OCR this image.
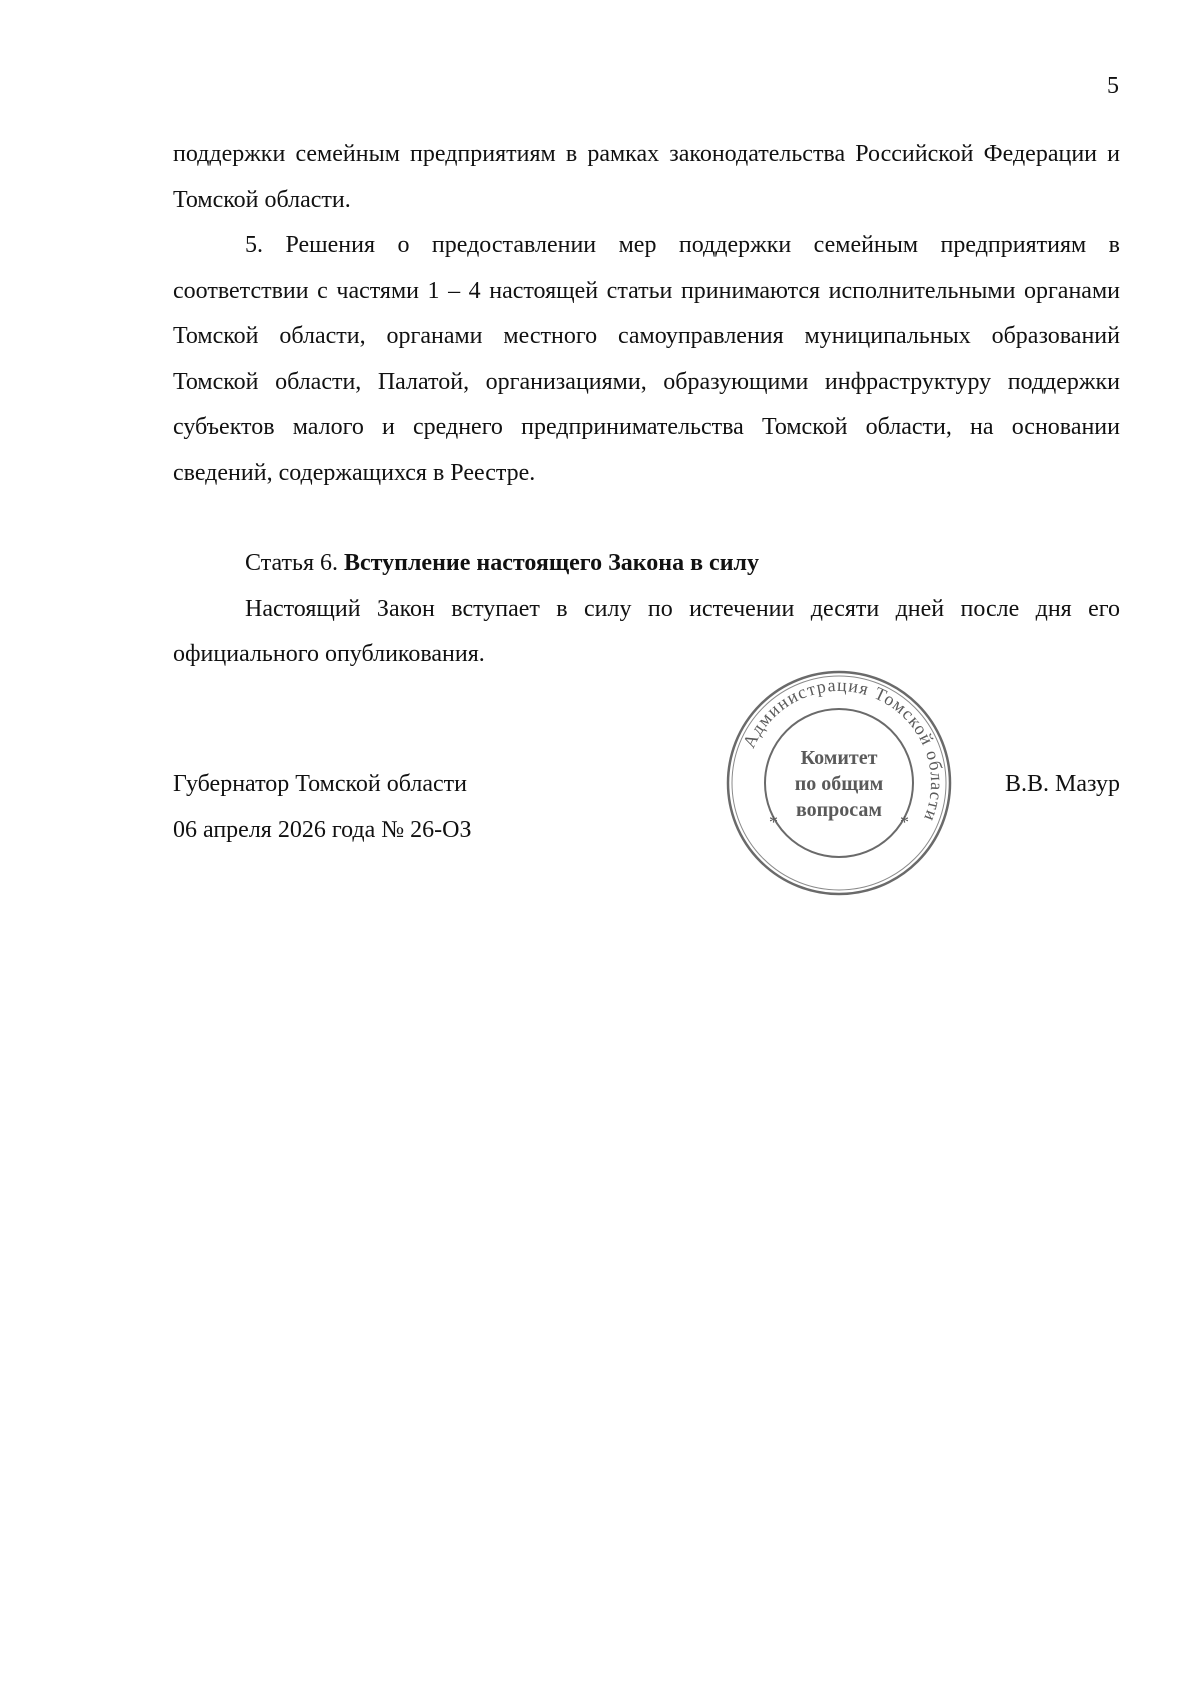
5

поддержки семейным предприятиям в рамках законодательства Российской Федерации и Томской области.

5. Решения о предоставлении мер поддержки семейным предприятиям в соответствии с частями 1 – 4 настоящей статьи принимаются исполнительными органами Томской области, органами местного самоуправления муниципальных образований Томской области, Палатой, организациями, образующими инфраструктуру поддержки субъектов малого и среднего предпринимательства Томской области, на основании сведений, содержащихся в Реестре.

Статья 6. Вступление настоящего Закона в силу

Настоящий Закон вступает в силу по истечении десяти дней после дня его официального опубликования.

Губернатор Томской области
06 апреля 2026 года № 26-ОЗ
В.В. Мазур
Администрация Томской области
*	*
Комитет
по общим
вопросам
